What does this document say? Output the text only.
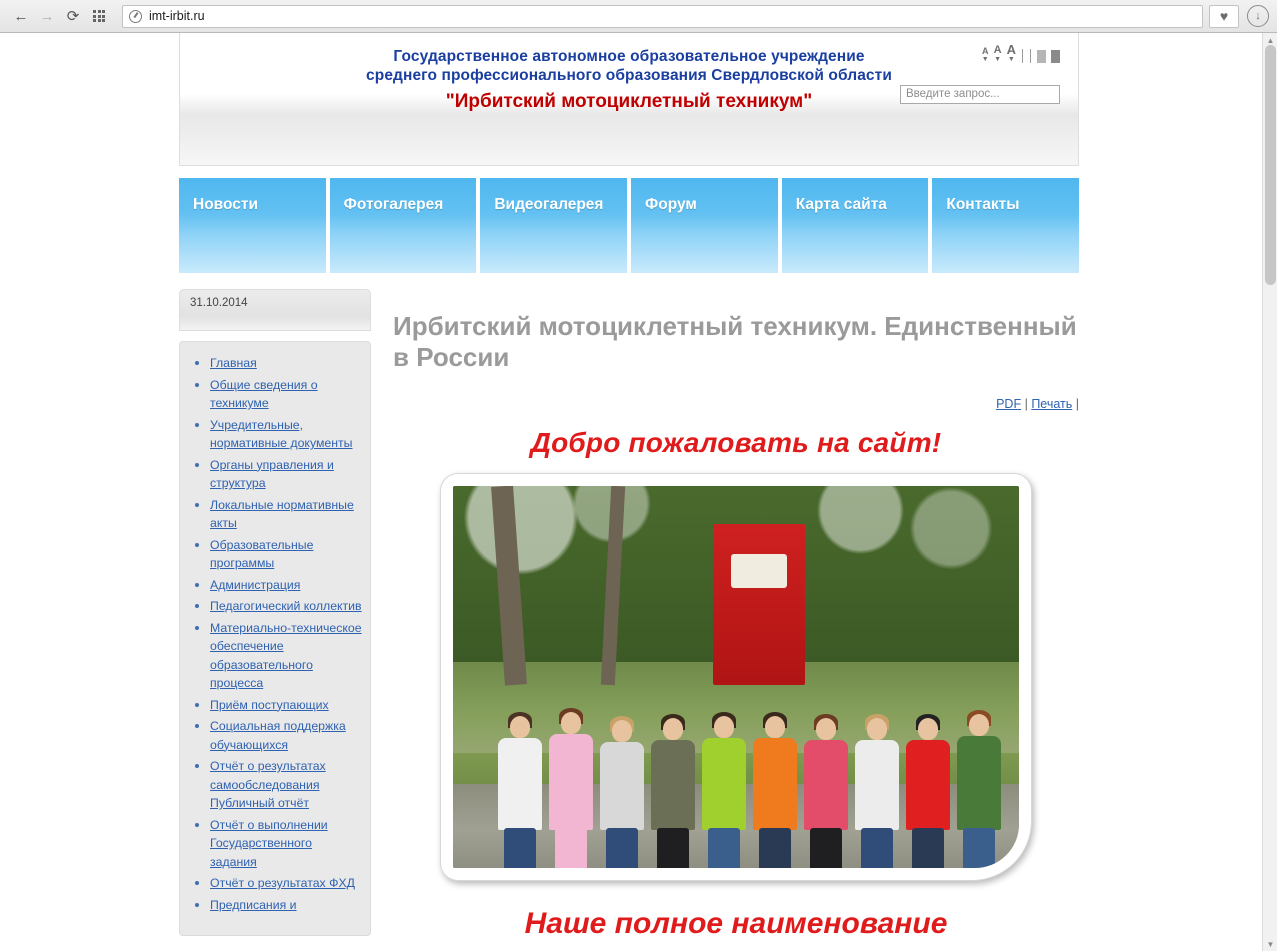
← → ⟳	imt-irbit.ru	♥	↓
Государственное автономное образовательное учреждение
среднего профессионального образования Свердловской области
"Ирбитский мотоциклетный техникум"
A
▼
A
▼
A
▼
Введите запрос...
Новости	Фотогалерея	Видеогалерея	Форум	Карта сайта	Контакты
31.10.2014
• Главная
• Общие сведения о техникуме
• Учредительные, нормативные документы
• Органы управления и структура
• Локальные нормативные акты
• Образовательные программы
• Администрация
• Педагогический коллектив
• Материально-техническое обеспечение образовательного процесса
• Приём поступающих
• Социальная поддержка обучающихся
• Отчёт о результатах самообследования Публичный отчёт
• Отчёт о выполнении Государственного задания
• Отчёт о результатах ФХД
• Предписания и
Ирбитский мотоциклетный техникум. Единственный в России
PDF | Печать |
Добро пожаловать на сайт!
Наше полное наименование
▲
▼
